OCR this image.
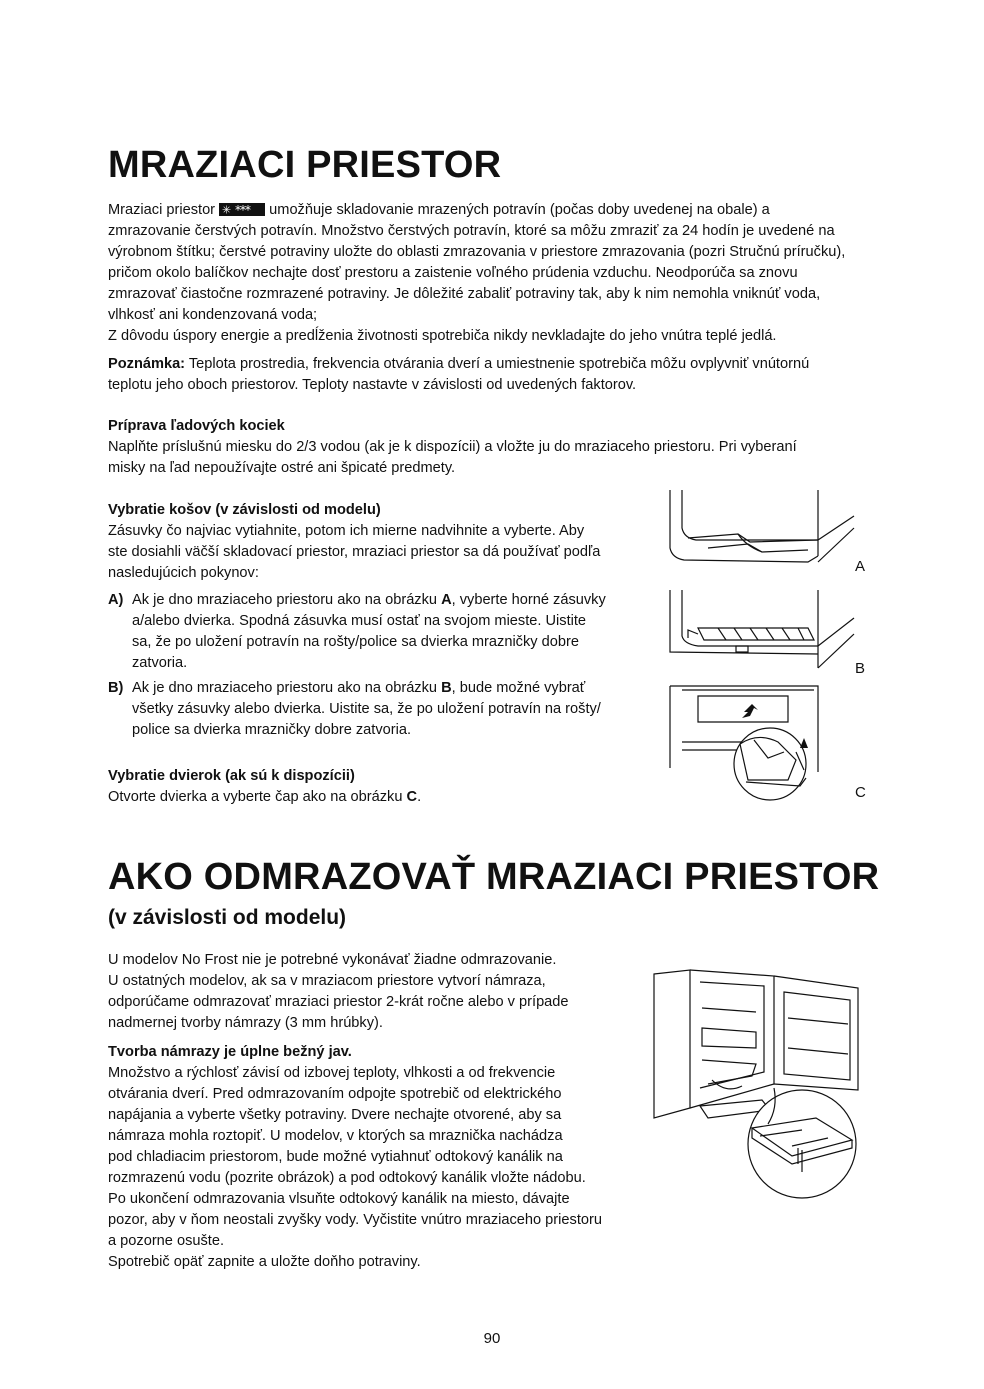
MRAZIACI PRIESTOR
Mraziaci priestor ✳ *** umožňuje skladovanie mrazených potravín (počas doby uvedenej na obale) a
zmrazovanie čerstvých potravín. Množstvo čerstvých potravín, ktoré sa môžu zmraziť za 24 hodín je uvedené na
výrobnom štítku; čerstvé potraviny uložte do oblasti zmrazovania v priestore zmrazovania (pozri Stručnú príručku),
pričom okolo balíčkov nechajte dosť prestoru a zaistenie voľného prúdenia vzduchu. Neodporúča sa znovu
zmrazovať čiastočne rozmrazené potraviny. Je dôležité zabaliť potraviny tak, aby k nim nemohla vniknúť voda,
vlhkosť ani kondenzovaná voda;
Z dôvodu úspory energie a predĺženia životnosti spotrebiča nikdy nevkladajte do jeho vnútra teplé jedlá.
Poznámka: Teplota prostredia, frekvencia otvárania dverí a umiestnenie spotrebiča môžu ovplyvniť vnútornú
teplotu jeho oboch priestorov. Teploty nastavte v závislosti od uvedených faktorov.
Príprava ľadových kociek
Naplňte príslušnú miesku do 2/3 vodou (ak je k dispozícii) a vložte ju do mraziaceho priestoru. Pri vyberaní
misky na ľad nepoužívajte ostré ani špicaté predmety.
Vybratie košov (v závislosti od modelu)
Zásuvky čo najviac vytiahnite, potom ich mierne nadvihnite a vyberte. Aby
ste dosiahli väčší skladovací priestor, mraziaci priestor sa dá používať podľa
nasledujúcich pokynov:
A) Ak je dno mraziaceho priestoru ako na obrázku A, vyberte horné zásuvky
a/alebo dvierka. Spodná zásuvka musí ostať na svojom mieste. Uistite
sa, že po uložení potravín na rošty/police sa dvierka mrazničky dobre
zatvoria.
B) Ak je dno mraziaceho priestoru ako na obrázku B, bude možné vybrať
všetky zásuvky alebo dvierka. Uistite sa, že po uložení potravín na rošty/
police sa dvierka mrazničky dobre zatvoria.
Vybratie dvierok (ak sú k dispozícii)
Otvorte dvierka a vyberte čap ako na obrázku C.
A
B
C
AKO ODMRAZOVAŤ MRAZIACI PRIESTOR
(v závislosti od modelu)
U modelov No Frost nie je potrebné vykonávať žiadne odmrazovanie.
U ostatných modelov, ak sa v mraziacom priestore vytvorí námraza,
odporúčame odmrazovať mraziaci priestor 2-krát ročne alebo v prípade
nadmernej tvorby námrazy (3 mm hrúbky).
Tvorba námrazy je úplne bežný jav.
Množstvo a rýchlosť závisí od izbovej teploty, vlhkosti a od frekvencie
otvárania dverí. Pred odmrazovaním odpojte spotrebič od elektrického
napájania a vyberte všetky potraviny. Dvere nechajte otvorené, aby sa
námraza mohla roztopiť. U modelov, v ktorých sa mraznička nachádza
pod chladiacim priestorom, bude možné vytiahnuť odtokový kanálik na
rozmrazenú vodu (pozrite obrázok) a pod odtokový kanálik vložte nádobu.
Po ukončení odmrazovania vlsuňte odtokový kanálik na miesto, dávajte
pozor, aby v ňom neostali zvyšky vody. Vyčistite vnútro mraziaceho priestoru
a pozorne osušte.
Spotrebič opäť zapnite a uložte doňho potraviny.
90
